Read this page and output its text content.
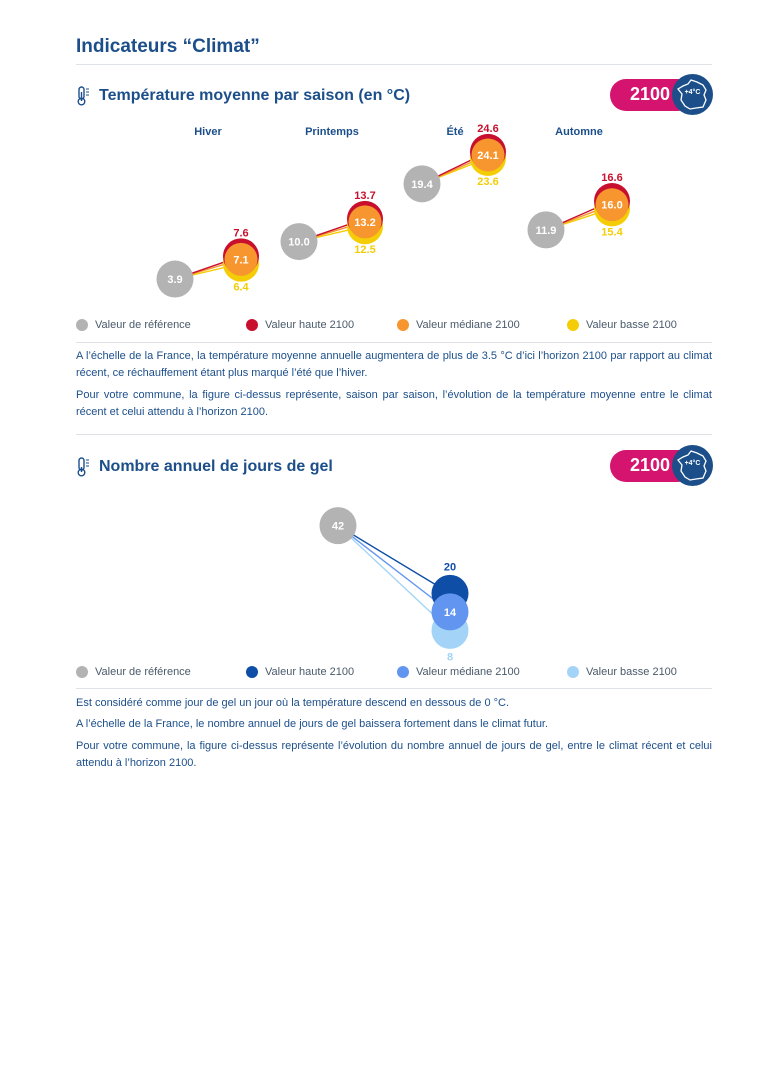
Indicateurs “Climat”
Température moyenne par saison (en °C)	2100	+4°C
Hiver
3.9
7.1
7.6
6.4
Printemps
10.0
13.2
13.7
12.5
Été
19.4
24.1
24.6
23.6
Automne
11.9
16.0
16.6
15.4
Valeur de référence	Valeur haute 2100	Valeur médiane 2100	Valeur basse 2100

A l’échelle de la France, la température moyenne annuelle augmentera de plus de 3.5 °C d’ici l’horizon 2100 par rapport au climat récent, ce réchauffement étant plus marqué l’été que l’hiver.

Pour votre commune, la figure ci-dessus représente, saison par saison, l’évolution de la température moyenne entre le climat récent et celui attendu à l’horizon 2100.

Nombre annuel de jours de gel	2100	+4°C
42
14
20
8
Valeur de référence	Valeur haute 2100	Valeur médiane 2100	Valeur basse 2100

Est considéré comme jour de gel un jour où la température descend en dessous de 0 °C.

A l’échelle de la France, le nombre annuel de jours de gel baissera fortement dans le climat futur.

Pour votre commune, la figure ci-dessus représente l’évolution du nombre annuel de jours de gel, entre le climat récent et celui attendu à l’horizon 2100.
